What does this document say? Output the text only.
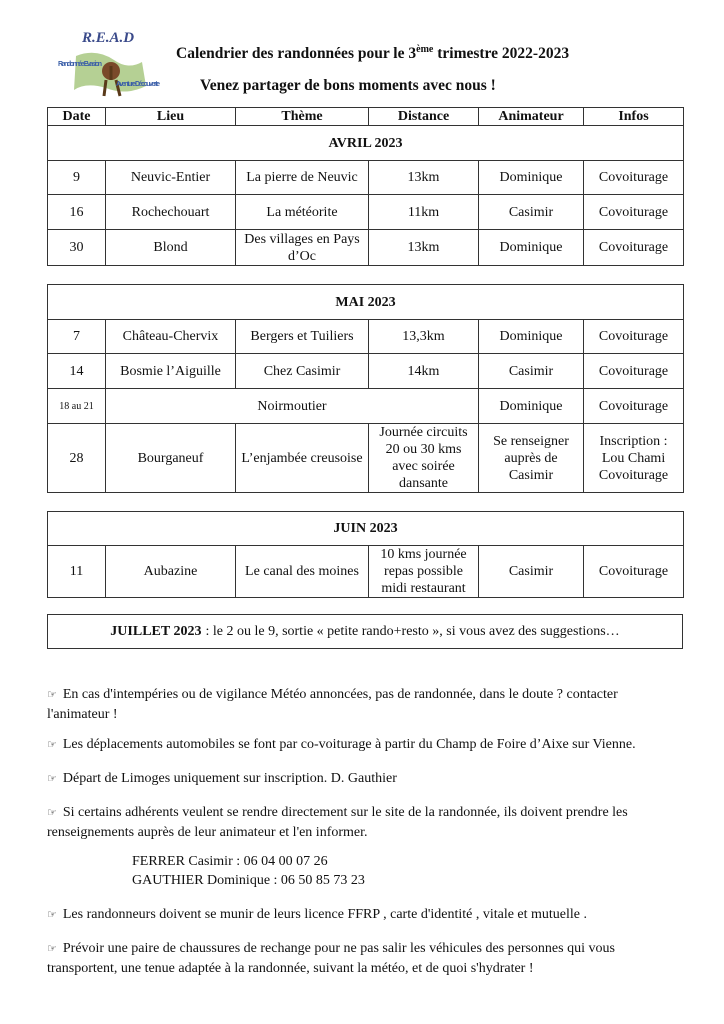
R.E.A.D
Randonnée Evasion
Aventure Découverte
Calendrier des randonnées pour le 3ème trimestre 2022-2023
Venez partager de bons moments avec nous !
Date	Lieu	Thème	Distance	Animateur	Infos
AVRIL 2023					
9	Neuvic-Entier	La pierre de Neuvic	13km	Dominique	Covoiturage
16	Rochechouart	La météorite	11km	Casimir	Covoiturage
30	Blond	Des villages en Pays d’Oc	13km	Dominique	Covoiturage
MAI 2023					
7	Château-Chervix	Bergers et Tuiliers	13,3km	Dominique	Covoiturage
14	Bosmie l’Aiguille	Chez Casimir	14km	Casimir	Covoiturage
18 au 21	Noirmoutier			Dominique	Covoiturage
28	Bourganeuf	L’enjambée creusoise	Journée circuits 20 ou 30 kms avec soirée dansante	Se renseigner auprès de Casimir	Inscription : Lou Chami Covoiturage
JUIN 2023
11	Aubazine	Le canal des moines	10 kms journée repas possible midi restaurant	Casimir	Covoiturage
JUILLET 2023 : le 2 ou le 9, sortie « petite rando+resto », si vous avez des suggestions…
☞ En cas d'intempéries ou de vigilance Météo annoncées, pas de randonnée, dans le doute ? contacter l'animateur !
☞ Les déplacements automobiles se font par co-voiturage à partir du Champ de Foire d’Aixe sur Vienne.
☞ Départ de Limoges uniquement sur inscription. D. Gauthier
☞ Si certains adhérents veulent se rendre directement sur le site de la randonnée, ils doivent prendre les renseignements auprès de leur animateur et l'en informer.
FERRER Casimir : 06 04 00 07 26
GAUTHIER Dominique : 06 50 85 73 23
☞ Les randonneurs doivent se munir de leurs licence FFRP , carte d'identité , vitale et mutuelle .
☞ Prévoir une paire de chaussures de rechange pour ne pas salir les véhicules des personnes qui vous transportent, une tenue adaptée à la randonnée, suivant la météo, et de quoi s'hydrater !
